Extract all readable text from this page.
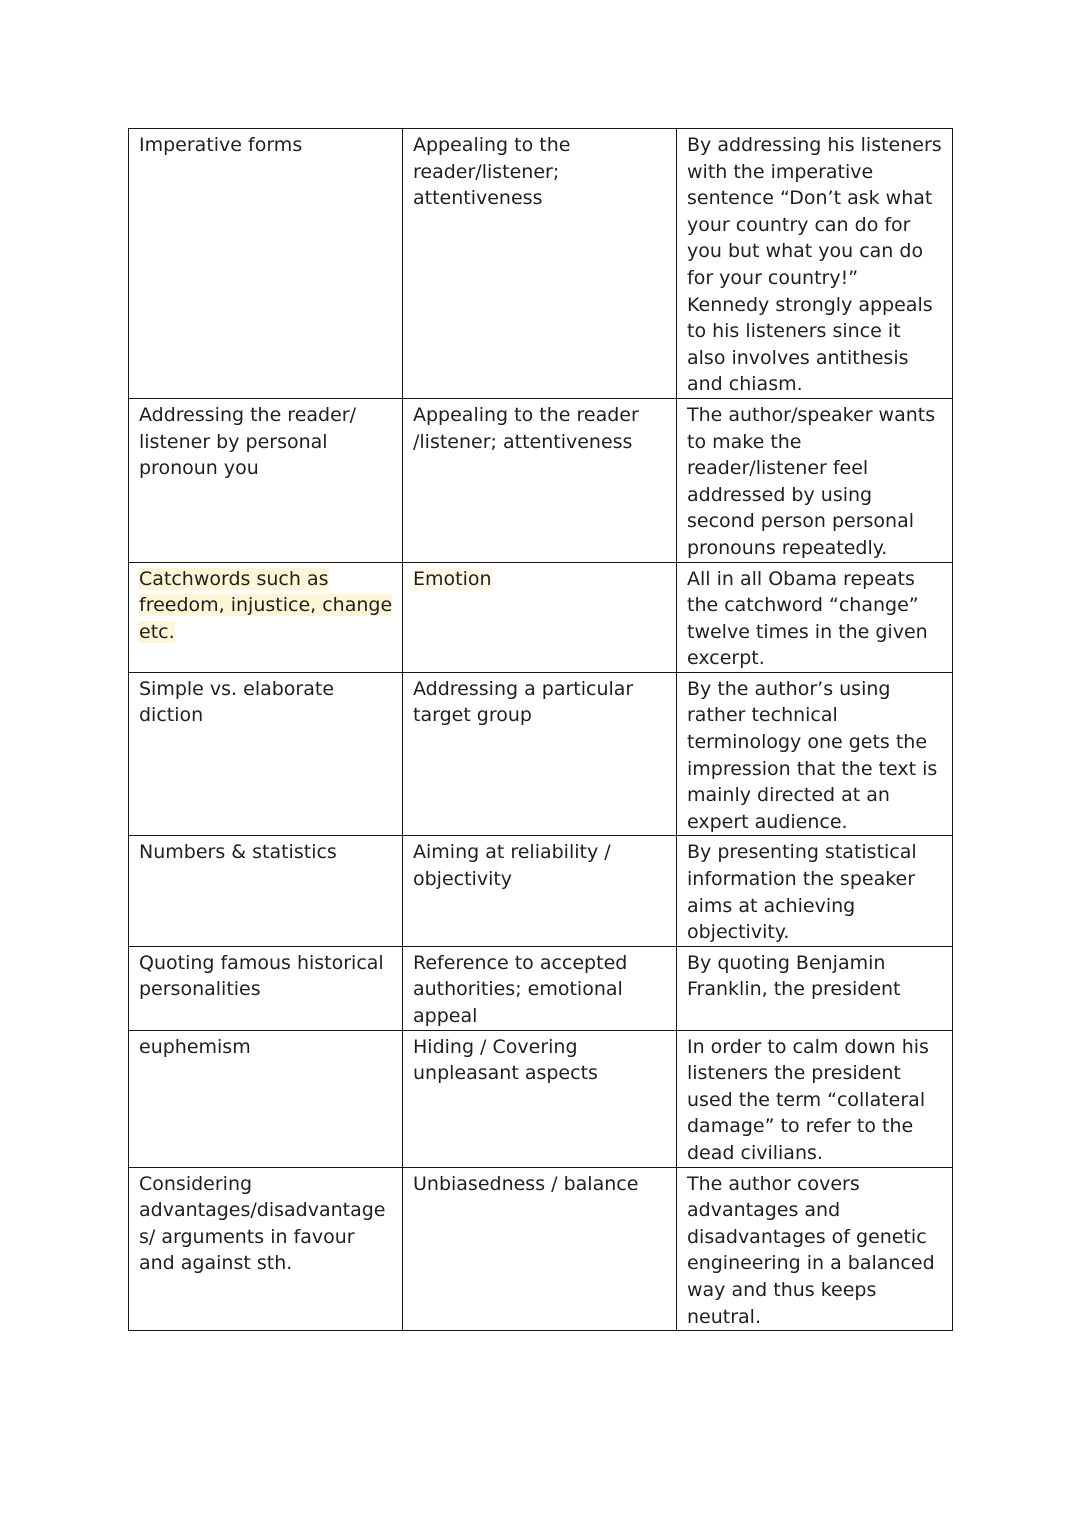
Imperative forms	Appealing to the reader/listener; attentiveness	By addressing his listeners with the imperative sentence “Don’t ask what your country can do for you but what you can do for your country!” Kennedy strongly appeals to his listeners since it also involves antithesis and chiasm.
Addressing the reader/ listener by personal pronoun you	Appealing to the reader /listener; attentiveness	The author/speaker wants to make the reader/listener feel addressed by using second person personal pronouns repeatedly.
Catchwords such as freedom, injustice, change etc.	Emotion	All in all Obama repeats the catchword “change” twelve times in the given excerpt.
Simple vs. elaborate diction	Addressing a particular target group	By the author’s using rather technical terminology one gets the impression that the text is mainly directed at an expert audience.
Numbers & statistics	Aiming at reliability / objectivity	By presenting statistical information the speaker aims at achieving objectivity.
Quoting famous historical personalities	Reference to accepted authorities; emotional appeal	By quoting Benjamin Franklin, the president
euphemism	Hiding / Covering unpleasant aspects	In order to calm down his listeners the president used the term “collateral damage” to refer to the dead civilians.
Considering advantages/disadvantages/ arguments in favour and against sth.	Unbiasedness / balance	The author covers advantages and disadvantages of genetic engineering in a balanced way and thus keeps neutral.
